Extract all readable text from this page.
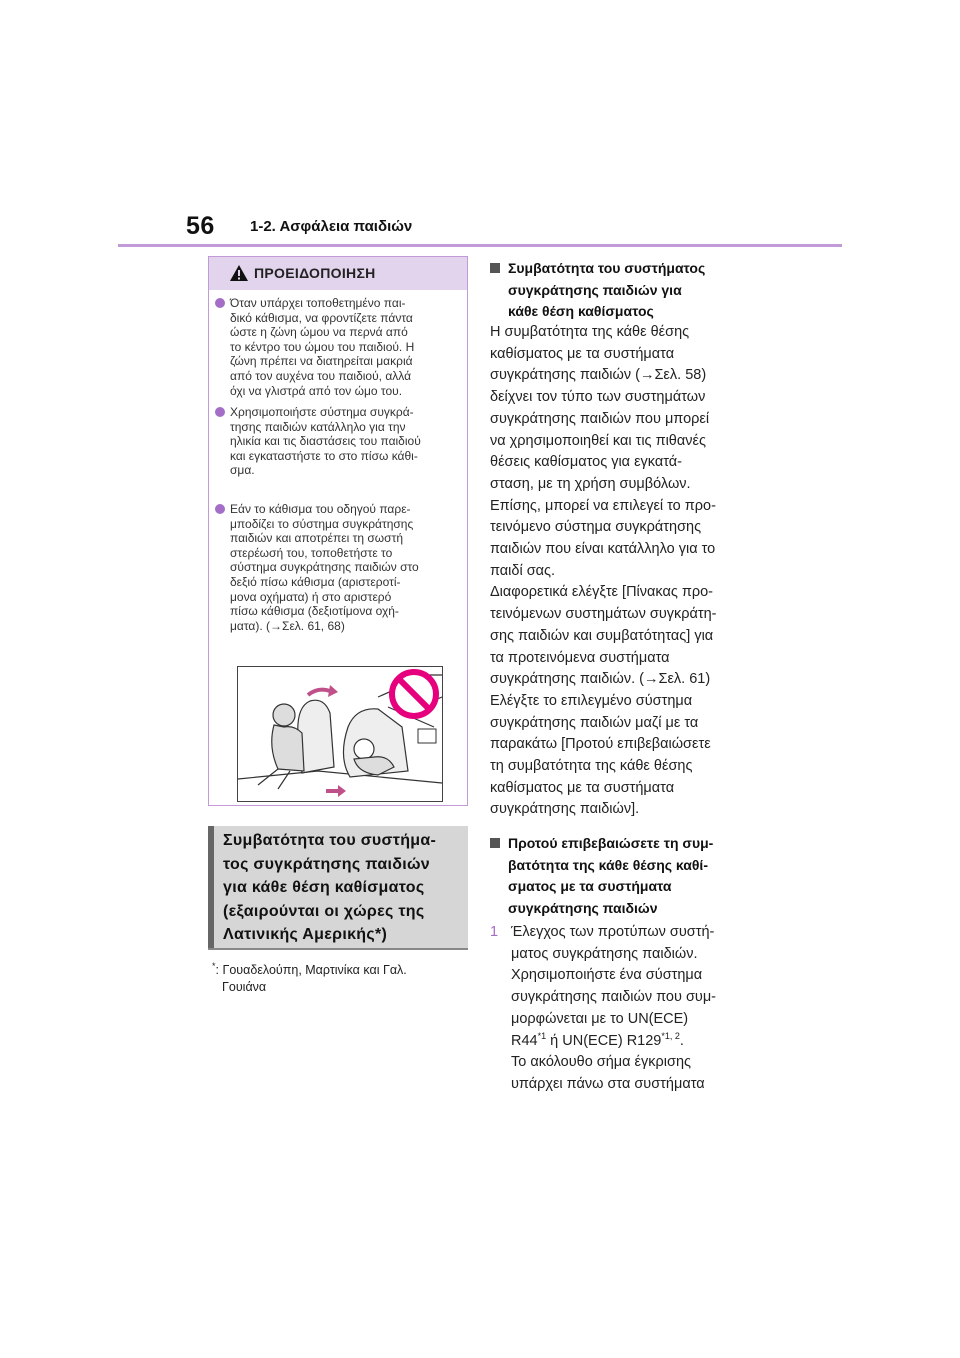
56 1-2. Ασφάλεια παιδιών
ΠΡΟΕΙΔΟΠΟΙΗΣΗ
Όταν υπάρχει τοποθετημένο παι-
δικό κάθισμα, να φροντίζετε πάντα
ώστε η ζώνη ώμου να περνά από
το κέντρο του ώμου του παιδιού. Η
ζώνη πρέπει να διατηρείται μακριά
από τον αυχένα του παιδιού, αλλά
όχι να γλιστρά από τον ώμο του.
Χρησιμοποιήστε σύστημα συγκρά-
τησης παιδιών κατάλληλο για την
ηλικία και τις διαστάσεις του παιδιού
και εγκαταστήστε το στο πίσω κάθι-
σμα.
Εάν το κάθισμα του οδηγού παρε-
μποδίζει το σύστημα συγκράτησης
παιδιών και αποτρέπει τη σωστή
στερέωσή του, τοποθετήστε το
σύστημα συγκράτησης παιδιών στο
δεξιό πίσω κάθισμα (αριστεροτί-
μονα οχήματα) ή στο αριστερό
πίσω κάθισμα (δεξιοτίμονα οχή-
ματα). (→Σελ. 61, 68)
Συμβατότητα του συστήμα-
τος συγκράτησης παιδιών
για κάθε θέση καθίσματος
(εξαιρούνται οι χώρες της
Λατινικής Αμερικής*)
*: Γουαδελούπη, Μαρτινίκα και Γαλ.
Γουιάνα
Συμβατότητα του συστήματος
συγκράτησης παιδιών για
κάθε θέση καθίσματος
Η συμβατότητα της κάθε θέσης
καθίσματος με τα συστήματα
συγκράτησης παιδιών (→Σελ. 58)
δείχνει τον τύπο των συστημάτων
συγκράτησης παιδιών που μπορεί
να χρησιμοποιηθεί και τις πιθανές
θέσεις καθίσματος για εγκατά-
σταση, με τη χρήση συμβόλων.
Επίσης, μπορεί να επιλεγεί το προ-
τεινόμενο σύστημα συγκράτησης
παιδιών που είναι κατάλληλο για το
παιδί σας.
Διαφορετικά ελέγξτε [Πίνακας προ-
τεινόμενων συστημάτων συγκράτη-
σης παιδιών και συμβατότητας] για
τα προτεινόμενα συστήματα
συγκράτησης παιδιών. (→Σελ. 61)
Ελέγξτε το επιλεγμένο σύστημα
συγκράτησης παιδιών μαζί με τα
παρακάτω [Προτού επιβεβαιώσετε
τη συμβατότητα της κάθε θέσης
καθίσματος με τα συστήματα
συγκράτησης παιδιών].
Προτού επιβεβαιώσετε τη συμ-
βατότητα της κάθε θέσης καθί-
σματος με τα συστήματα
συγκράτησης παιδιών
1 Έλεγχος των προτύπων συστή-
ματος συγκράτησης παιδιών.
Χρησιμοποιήστε ένα σύστημα
συγκράτησης παιδιών που συμ-
μορφώνεται με το UN(ECE)
R44$^{*1}$ ή UN(ECE) R129$^{*1, 2}$.
Το ακόλουθο σήμα έγκρισης
υπάρχει πάνω στα συστήματα
